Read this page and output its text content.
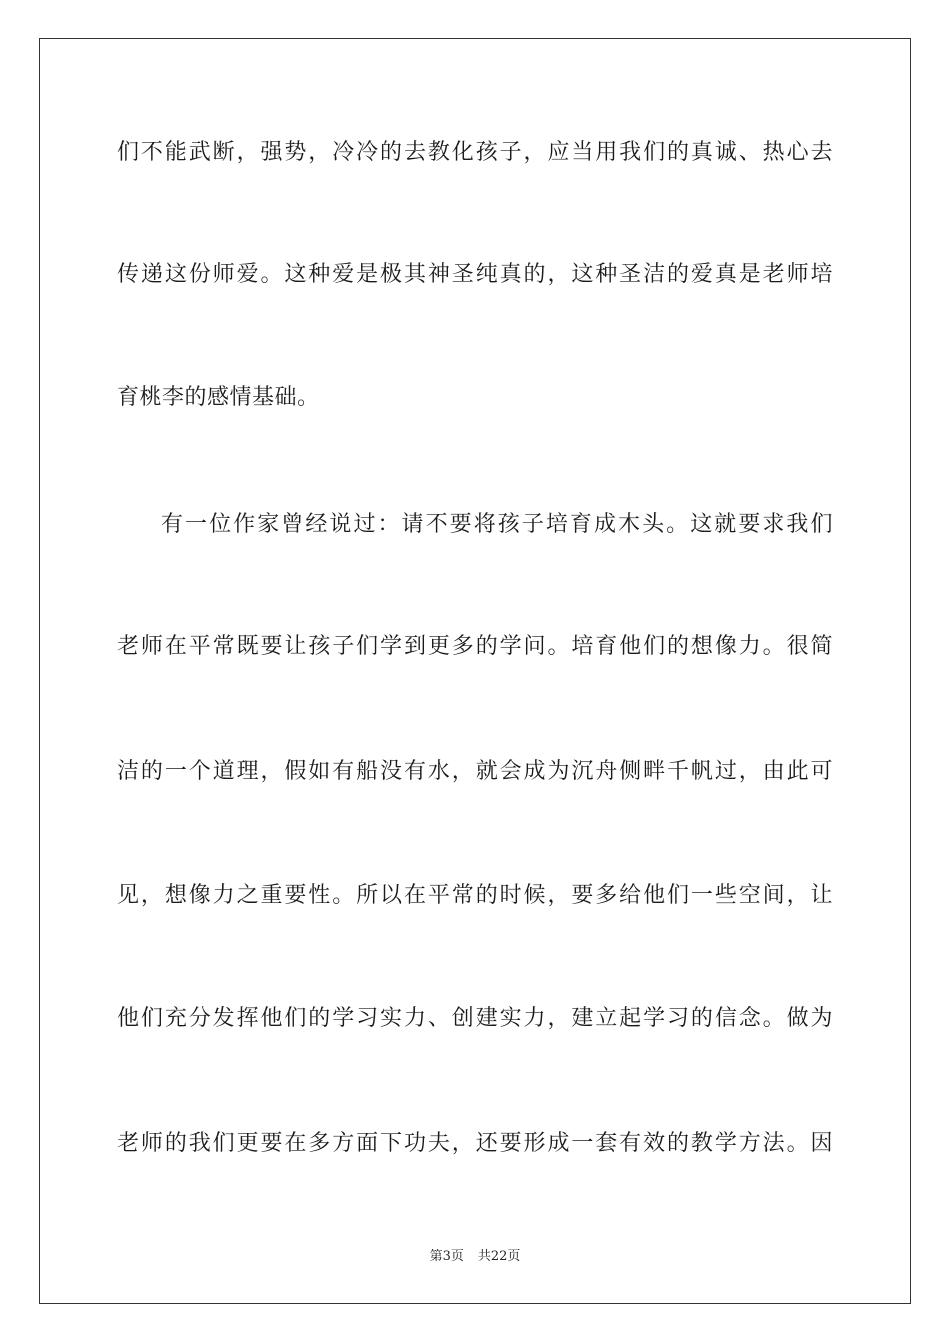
们不能武断，强势，冷冷的去教化孩子，应当用我们的真诚、热心去
传递这份师爱。这种爱是极其神圣纯真的，这种圣洁的爱真是老师培
育桃李的感情基础。
有一位作家曾经说过：请不要将孩子培育成木头。这就要求我们
老师在平常既要让孩子们学到更多的学问。培育他们的想像力。很简
洁的一个道理，假如有船没有水，就会成为沉舟侧畔千帆过，由此可
见，想像力之重要性。所以在平常的时候，要多给他们一些空间，让
他们充分发挥他们的学习实力、创建实力，建立起学习的信念。做为
老师的我们更要在多方面下功夫，还要形成一套有效的教学方法。因
第3页 共22页
